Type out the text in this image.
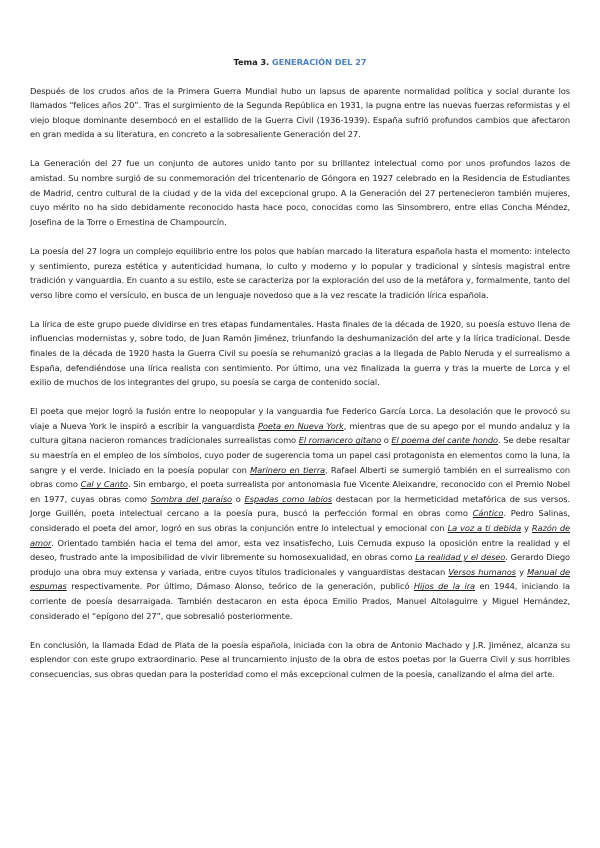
Tema 3. GENERACIÓN DEL 27

Después de los crudos años de la Primera Guerra Mundial hubo un lapsus de aparente normalidad política y social durante los llamados “felices años 20”. Tras el surgimiento de la Segunda República en 1931, la pugna entre las nuevas fuerzas reformistas y el viejo bloque dominante desembocó en el estallido de la Guerra Civil (1936-1939). España sufrió profundos cambios que afectaron en gran medida a su literatura, en concreto a la sobresaliente Generación del 27.

La Generación del 27 fue un conjunto de autores unido tanto por su brillantez intelectual como por unos profundos lazos de amistad. Su nombre surgió de su conmemoración del tricentenario de Góngora en 1927 celebrado en la Residencia de Estudiantes de Madrid, centro cultural de la ciudad y de la vida del excepcional grupo. A la Generación del 27 pertenecieron también mujeres, cuyo mérito no ha sido debidamente reconocido hasta hace poco, conocidas como las Sinsombrero, entre ellas Concha Méndez, Josefina de la Torre o Ernestina de Champourcín.

La poesía del 27 logra un complejo equilibrio entre los polos que habían marcado la literatura española hasta el momento: intelecto y sentimiento, pureza estética y autenticidad humana, lo culto y moderno y lo popular y tradicional y síntesis magistral entre tradición y vanguardia. En cuanto a su estilo, este se caracteriza por la exploración del uso de la metáfora y, formalmente, tanto del verso libre como el versículo, en busca de un lenguaje novedoso que a la vez rescate la tradición lírica española.

La lírica de este grupo puede dividirse en tres etapas fundamentales. Hasta finales de la década de 1920, su poesía estuvo llena de influencias modernistas y, sobre todo, de Juan Ramón Jiménez, triunfando la deshumanización del arte y la lírica tradicional. Desde finales de la década de 1920 hasta la Guerra Civil su poesía se rehumanizó gracias a la llegada de Pablo Neruda y el surrealismo a España, defendiéndose una lírica realista con sentimiento. Por último, una vez finalizada la guerra y tras la muerte de Lorca y el exilio de muchos de los integrantes del grupo, su poesía se carga de contenido social.

El poeta que mejor logró la fusión entre lo neopopular y la vanguardia fue Federico García Lorca. La desolación que le provocó su viaje a Nueva York le inspiró a escribir la vanguardista Poeta en Nueva York, mientras que de su apego por el mundo andaluz y la cultura gitana nacieron romances tradicionales surrealistas como El romancero gitano o El poema del cante hondo. Se debe resaltar su maestría en el empleo de los símbolos, cuyo poder de sugerencia toma un papel casi protagonista en elementos como la luna, la sangre y el verde. Iniciado en la poesía popular con Marinero en tierra, Rafael Alberti se sumergió también en el surrealismo con obras como Cal y Canto. Sin embargo, el poeta surrealista por antonomasia fue Vicente Aleixandre, reconocido con el Premio Nobel en 1977, cuyas obras como Sombra del paraíso o Espadas como labios destacan por la hermeticidad metafórica de sus versos. Jorge Guillén, poeta intelectual cercano a la poesía pura, buscó la perfección formal en obras como Cántico. Pedro Salinas, considerado el poeta del amor, logró en sus obras la conjunción entre lo intelectual y emocional con La voz a ti debida y Razón de amor. Orientado también hacia el tema del amor, esta vez insatisfecho, Luis Cernuda expuso la oposición entre la realidad y el deseo, frustrado ante la imposibilidad de vivir libremente su homosexualidad, en obras como La realidad y el deseo. Gerardo Diego produjo una obra muy extensa y variada, entre cuyos títulos tradicionales y vanguardistas destacan Versos humanos y Manual de espumas respectivamente. Por último, Dámaso Alonso, teórico de la generación, publicó Hijos de la ira en 1944, iniciando la corriente de poesía desarraigada. También destacaron en esta época Emilio Prados, Manuel Altolaguirre y Miguel Hernández, considerado el “epígono del 27”, que sobresalió posteriormente.

En conclusión, la llamada Edad de Plata de la poesía española, iniciada con la obra de Antonio Machado y J.R. Jiménez, alcanza su esplendor con este grupo extraordinario. Pese al truncamiento injusto de la obra de estos poetas por la Guerra Civil y sus horribles consecuencias, sus obras quedan para la posteridad como el más excepcional culmen de la poesía, canalizando el alma del arte.
